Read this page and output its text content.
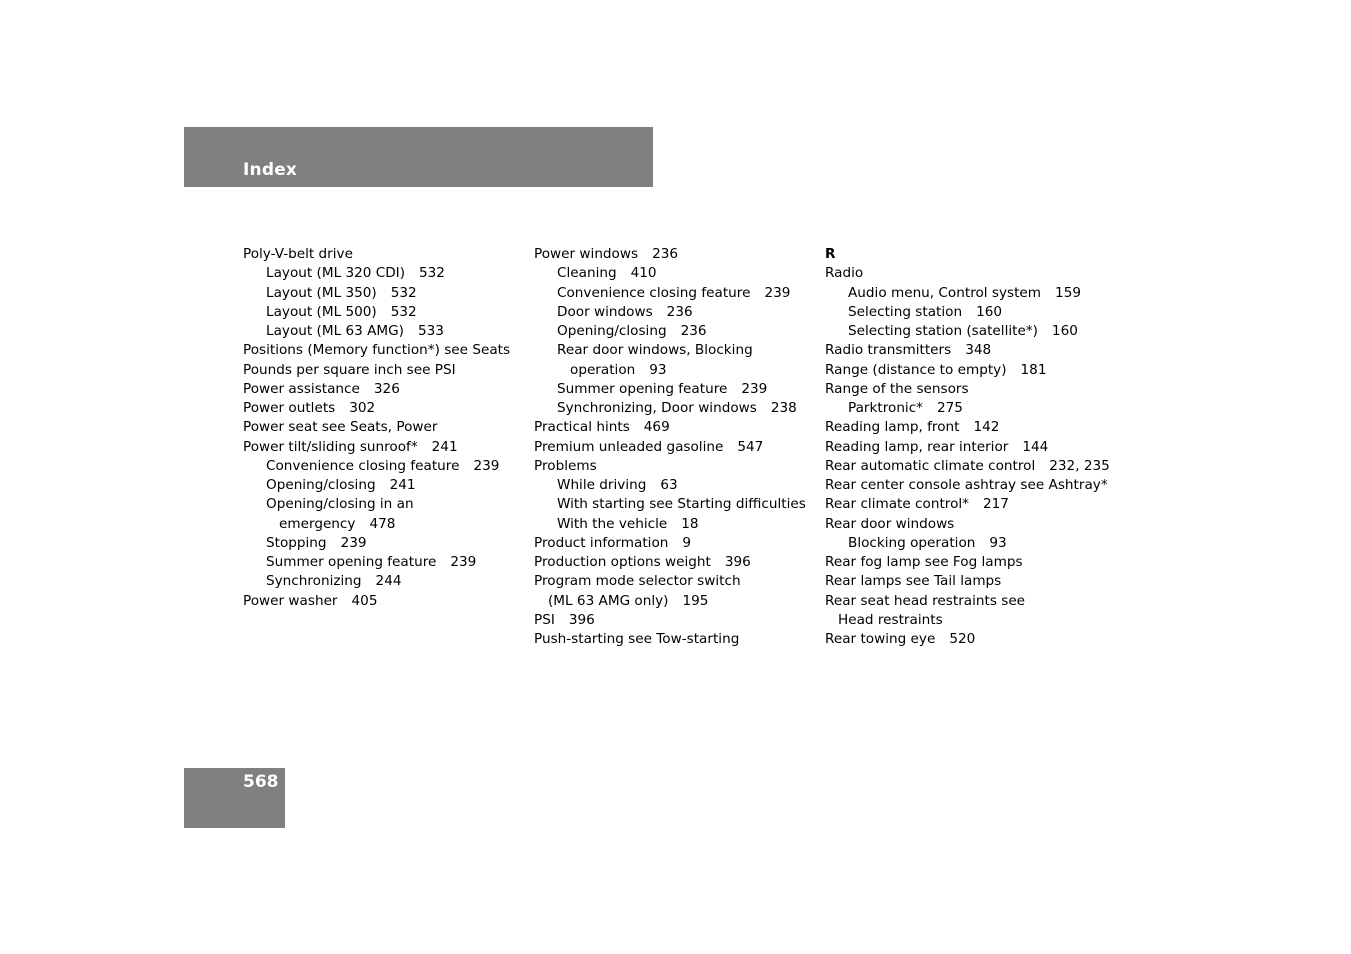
Index
Poly-V-belt drive
Layout (ML 320 CDI) 532
Layout (ML 350) 532
Layout (ML 500) 532
Layout (ML 63 AMG) 533
Positions (Memory function*) see Seats
Pounds per square inch see PSI
Power assistance 326
Power outlets 302
Power seat see Seats, Power
Power tilt/sliding sunroof* 241
Convenience closing feature 239
Opening/closing 241
Opening/closing in an
emergency 478
Stopping 239
Summer opening feature 239
Synchronizing 244
Power washer 405
Power windows 236
Cleaning 410
Convenience closing feature 239
Door windows 236
Opening/closing 236
Rear door windows, Blocking
operation 93
Summer opening feature 239
Synchronizing, Door windows 238
Practical hints 469
Premium unleaded gasoline 547
Problems
While driving 63
With starting see Starting difficulties
With the vehicle 18
Product information 9
Production options weight 396
Program mode selector switch
(ML 63 AMG only) 195
PSI 396
Push-starting see Tow-starting
R
Radio
Audio menu, Control system 159
Selecting station 160
Selecting station (satellite*) 160
Radio transmitters 348
Range (distance to empty) 181
Range of the sensors
Parktronic* 275
Reading lamp, front 142
Reading lamp, rear interior 144
Rear automatic climate control 232, 235
Rear center console ashtray see Ashtray*
Rear climate control* 217
Rear door windows
Blocking operation 93
Rear fog lamp see Fog lamps
Rear lamps see Tail lamps
Rear seat head restraints see
Head restraints
Rear towing eye 520
568
